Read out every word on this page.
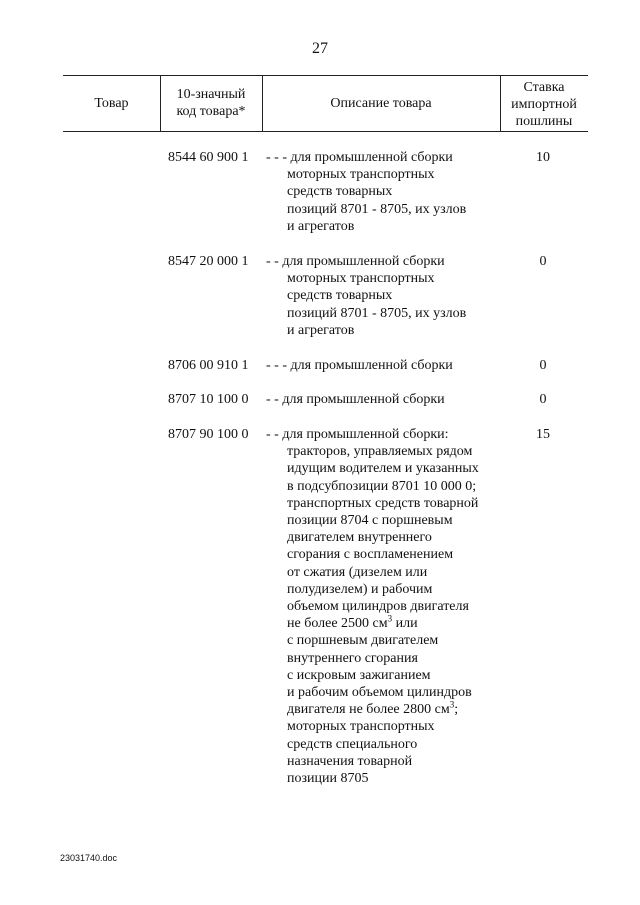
27
Товар
10-значный
код товара*
Описание товара
Ставка
импортной
пошлины
8544 60 900 1 - - - для промышленной сборки
моторных транспортных
средств товарных
позиций 8701 - 8705, их узлов
и агрегатов
10
8547 20 000 1 - - для промышленной сборки
моторных транспортных
средств товарных
позиций 8701 - 8705, их узлов
и агрегатов
0
8706 00 910 1 - - - для промышленной сборки	0
8707 10 100 0 - - для промышленной сборки	0
8707 90 100 0 - - для промышленной сборки:
тракторов, управляемых рядом
идущим водителем и указанных
в подсубпозиции 8701 10 000 0;
транспортных средств товарной
позиции 8704 с поршневым
двигателем внутреннего
сгорания с воспламенением
от сжатия (дизелем или
полудизелем) и рабочим
объемом цилиндров двигателя
не более 2500 $см^3$ или
с поршневым двигателем
внутреннего сгорания
с искровым зажиганием
и рабочим объемом цилиндров
двигателя не более 2800 $см^3$;
моторных транспортных
средств специального
назначения товарной
позиции 8705
15
23031740.doc
